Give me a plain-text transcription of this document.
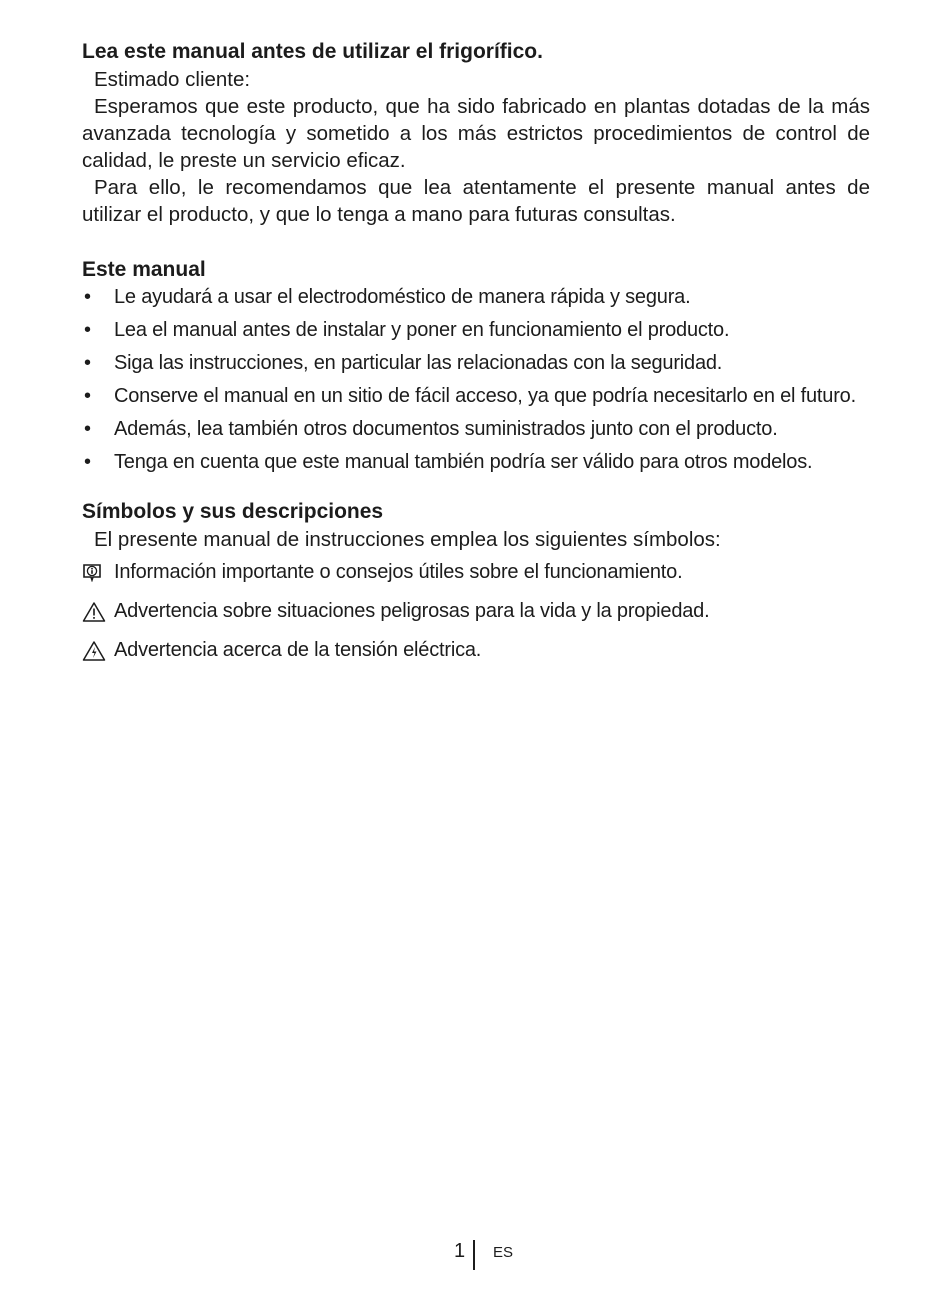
Lea este manual antes de utilizar el frigorífico.

Estimado cliente:

Esperamos que este producto, que ha sido fabricado en plantas dotadas de la más avanzada tecnología y sometido a los más estrictos procedimientos de control de calidad, le preste un servicio eficaz.

Para ello, le recomendamos que lea atentamente el presente manual antes de utilizar el producto, y que lo tenga a mano para futuras consultas.

Este manual

• Le ayudará a usar el electrodoméstico de manera rápida y segura.
• Lea el manual antes de instalar y poner en funcionamiento el producto.
• Siga las instrucciones, en particular las relacionadas con la seguridad.
• Conserve el manual en un sitio de fácil acceso, ya que podría necesitarlo en el futuro.
• Además, lea también otros documentos suministrados junto con el producto.
• Tenga en cuenta que este manual también podría ser válido para otros modelos.

Símbolos y sus descripciones

El presente manual de instrucciones emplea los siguientes símbolos:

Información importante o consejos útiles sobre el funcionamiento.
Advertencia sobre situaciones peligrosas para la vida y la propiedad.
Advertencia acerca de la tensión eléctrica.
1 ES
